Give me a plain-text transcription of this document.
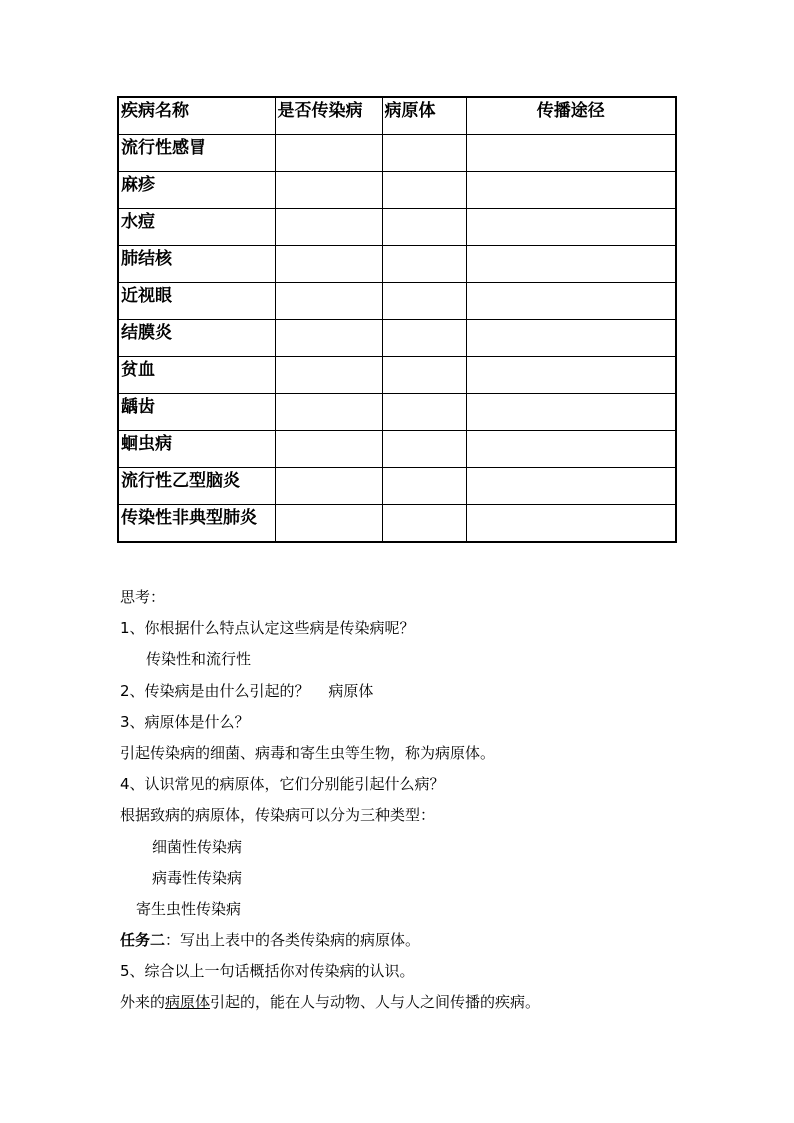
疾病名称	是否传染病	病原体	传播途径
流行性感冒			
麻疹			
水痘			
肺结核			
近视眼			
结膜炎			
贫血			
龋齿			
蛔虫病			
流行性乙型脑炎			
传染性非典型肺炎			
思考：
1、你根据什么特点认定这些病是传染病呢？
传染性和流行性
2、传染病是由什么引起的？ 病原体
3、病原体是什么？
引起传染病的细菌、病毒和寄生虫等生物，称为病原体。
4、认识常见的病原体，它们分别能引起什么病？
根据致病的病原体，传染病可以分为三种类型：
细菌性传染病
病毒性传染病
寄生虫性传染病
任务二：写出上表中的各类传染病的病原体。
5、综合以上一句话概括你对传染病的认识。
外来的病原体引起的，能在人与动物、人与人之间传播的疾病。
